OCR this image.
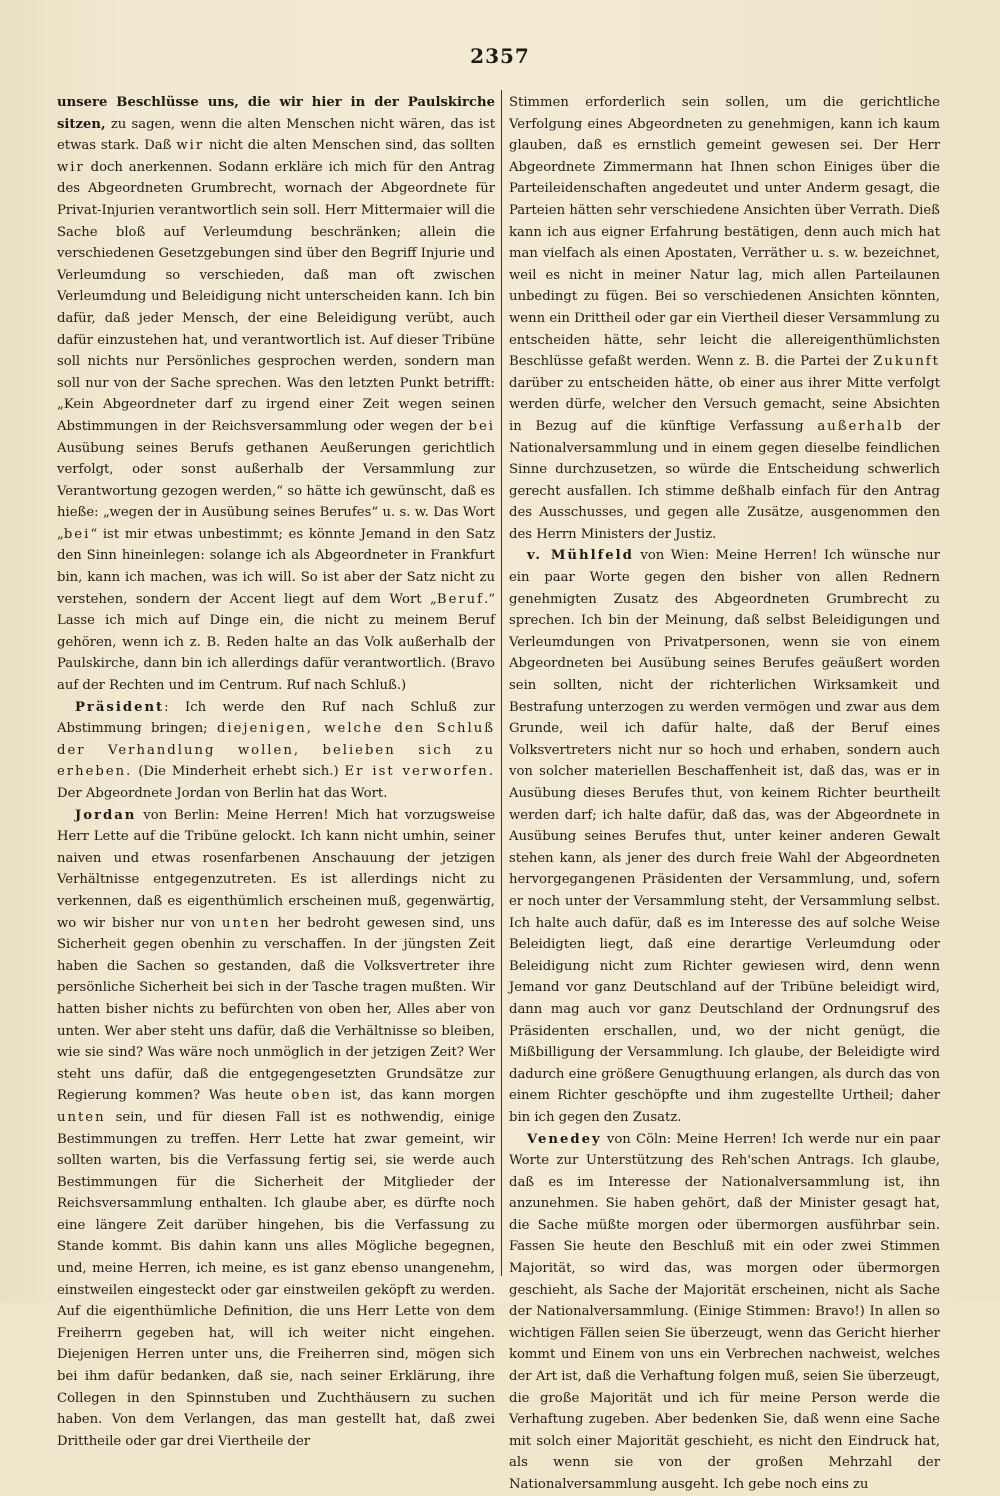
2357

unsere Beschlüsse uns, die wir hier in der Paulskirche sitzen, zu sagen, wenn die alten Menschen nicht wären, das ist etwas stark. Daß wir nicht die alten Menschen sind, das sollten wir doch anerkennen. Sodann erkläre ich mich für den Antrag des Abgeordneten Grumbrecht, wornach der Abgeordnete für Privat-Injurien verantwortlich sein soll. Herr Mittermaier will die Sache bloß auf Verleumdung beschränken; allein die verschiedenen Gesetzgebungen sind über den Begriff Injurie und Verleumdung so verschieden, daß man oft zwischen Verleumdung und Beleidigung nicht unterscheiden kann. Ich bin dafür, daß jeder Mensch, der eine Beleidigung verübt, auch dafür einzustehen hat, und verantwortlich ist. Auf dieser Tribüne soll nichts nur Persönliches gesprochen werden, sondern man soll nur von der Sache sprechen. Was den letzten Punkt betrifft: „Kein Abgeordneter darf zu irgend einer Zeit wegen seinen Abstimmungen in der Reichsversammlung oder wegen der bei Ausübung seines Berufs gethanen Aeußerungen gerichtlich verfolgt, oder sonst außerhalb der Versammlung zur Verantwortung gezogen werden,“ so hätte ich gewünscht, daß es hieße: „wegen der in Ausübung seines Berufes“ u. s. w. Das Wort „bei“ ist mir etwas unbestimmt; es könnte Jemand in den Satz den Sinn hineinlegen: solange ich als Abgeordneter in Frankfurt bin, kann ich machen, was ich will. So ist aber der Satz nicht zu verstehen, sondern der Accent liegt auf dem Wort „Beruf.“ Lasse ich mich auf Dinge ein, die nicht zu meinem Beruf gehören, wenn ich z. B. Reden halte an das Volk außerhalb der Paulskirche, dann bin ich allerdings dafür verantwortlich. (Bravo auf der Rechten und im Centrum. Ruf nach Schluß.)

Präsident: Ich werde den Ruf nach Schluß zur Abstimmung bringen; diejenigen, welche den Schluß der Verhandlung wollen, belieben sich zu erheben. (Die Minderheit erhebt sich.) Er ist verworfen. Der Abgeordnete Jordan von Berlin hat das Wort.

Jordan von Berlin: Meine Herren! Mich hat vorzugsweise Herr Lette auf die Tribüne gelockt. Ich kann nicht umhin, seiner naiven und etwas rosenfarbenen Anschauung der jetzigen Verhältnisse entgegenzutreten. Es ist allerdings nicht zu verkennen, daß es eigenthümlich erscheinen muß, gegenwärtig, wo wir bisher nur von unten her bedroht gewesen sind, uns Sicherheit gegen obenhin zu verschaffen. In der jüngsten Zeit haben die Sachen so gestanden, daß die Volksvertreter ihre persönliche Sicherheit bei sich in der Tasche tragen mußten. Wir hatten bisher nichts zu befürchten von oben her, Alles aber von unten. Wer aber steht uns dafür, daß die Verhältnisse so bleiben, wie sie sind? Was wäre noch unmöglich in der jetzigen Zeit? Wer steht uns dafür, daß die entgegengesetzten Grundsätze zur Regierung kommen? Was heute oben ist, das kann morgen unten sein, und für diesen Fall ist es nothwendig, einige Bestimmungen zu treffen. Herr Lette hat zwar gemeint, wir sollten warten, bis die Verfassung fertig sei, sie werde auch Bestimmungen für die Sicherheit der Mitglieder der Reichsversammlung enthalten. Ich glaube aber, es dürfte noch eine längere Zeit darüber hingehen, bis die Verfassung zu Stande kommt. Bis dahin kann uns alles Mögliche begegnen, und, meine Herren, ich meine, es ist ganz ebenso unangenehm, einstweilen eingesteckt oder gar einstweilen geköpft zu werden. Auf die eigenthümliche Definition, die uns Herr Lette von dem Freiherrn gegeben hat, will ich weiter nicht eingehen. Diejenigen Herren unter uns, die Freiherren sind, mögen sich bei ihm dafür bedanken, daß sie, nach seiner Erklärung, ihre Collegen in den Spinnstuben und Zuchthäusern zu suchen haben. Von dem Verlangen, das man gestellt hat, daß zwei Drittheile oder gar drei Viertheile der

Stimmen erforderlich sein sollen, um die gerichtliche Verfolgung eines Abgeordneten zu genehmigen, kann ich kaum glauben, daß es ernstlich gemeint gewesen sei. Der Herr Abgeordnete Zimmermann hat Ihnen schon Einiges über die Parteileidenschaften angedeutet und unter Anderm gesagt, die Parteien hätten sehr verschiedene Ansichten über Verrath. Dieß kann ich aus eigner Erfahrung bestätigen, denn auch mich hat man vielfach als einen Apostaten, Verräther u. s. w. bezeichnet, weil es nicht in meiner Natur lag, mich allen Parteilaunen unbedingt zu fügen. Bei so verschiedenen Ansichten könnten, wenn ein Drittheil oder gar ein Viertheil dieser Versammlung zu entscheiden hätte, sehr leicht die allereigenthümlichsten Beschlüsse gefaßt werden. Wenn z. B. die Partei der Zukunft darüber zu entscheiden hätte, ob einer aus ihrer Mitte verfolgt werden dürfe, welcher den Versuch gemacht, seine Absichten in Bezug auf die künftige Verfassung außerhalb der Nationalversammlung und in einem gegen dieselbe feindlichen Sinne durchzusetzen, so würde die Entscheidung schwerlich gerecht ausfallen. Ich stimme deßhalb einfach für den Antrag des Ausschusses, und gegen alle Zusätze, ausgenommen den des Herrn Ministers der Justiz.

v. Mühlfeld von Wien: Meine Herren! Ich wünsche nur ein paar Worte gegen den bisher von allen Rednern genehmigten Zusatz des Abgeordneten Grumbrecht zu sprechen. Ich bin der Meinung, daß selbst Beleidigungen und Verleumdungen von Privatpersonen, wenn sie von einem Abgeordneten bei Ausübung seines Berufes geäußert worden sein sollten, nicht der richterlichen Wirksamkeit und Bestrafung unterzogen zu werden vermögen und zwar aus dem Grunde, weil ich dafür halte, daß der Beruf eines Volksvertreters nicht nur so hoch und erhaben, sondern auch von solcher materiellen Beschaffenheit ist, daß das, was er in Ausübung dieses Berufes thut, von keinem Richter beurtheilt werden darf; ich halte dafür, daß das, was der Abgeordnete in Ausübung seines Berufes thut, unter keiner anderen Gewalt stehen kann, als jener des durch freie Wahl der Abgeordneten hervorgegangenen Präsidenten der Versammlung, und, sofern er noch unter der Versammlung steht, der Versammlung selbst. Ich halte auch dafür, daß es im Interesse des auf solche Weise Beleidigten liegt, daß eine derartige Verleumdung oder Beleidigung nicht zum Richter gewiesen wird, denn wenn Jemand vor ganz Deutschland auf der Tribüne beleidigt wird, dann mag auch vor ganz Deutschland der Ordnungsruf des Präsidenten erschallen, und, wo der nicht genügt, die Mißbilligung der Versammlung. Ich glaube, der Beleidigte wird dadurch eine größere Genugthuung erlangen, als durch das von einem Richter geschöpfte und ihm zugestellte Urtheil; daher bin ich gegen den Zusatz.

Venedey von Cöln: Meine Herren! Ich werde nur ein paar Worte zur Unterstützung des Reh'schen Antrags. Ich glaube, daß es im Interesse der Nationalversammlung ist, ihn anzunehmen. Sie haben gehört, daß der Minister gesagt hat, die Sache müßte morgen oder übermorgen ausführbar sein. Fassen Sie heute den Beschluß mit ein oder zwei Stimmen Majorität, so wird das, was morgen oder übermorgen geschieht, als Sache der Majorität erscheinen, nicht als Sache der Nationalversammlung. (Einige Stimmen: Bravo!) In allen so wichtigen Fällen seien Sie überzeugt, wenn das Gericht hierher kommt und Einem von uns ein Verbrechen nachweist, welches der Art ist, daß die Verhaftung folgen muß, seien Sie überzeugt, die große Majorität und ich für meine Person werde die Verhaftung zugeben. Aber bedenken Sie, daß wenn eine Sache mit solch einer Majorität geschieht, es nicht den Eindruck hat, als wenn sie von der großen Mehrzahl der Nationalversammlung ausgeht. Ich gebe noch eins zu
